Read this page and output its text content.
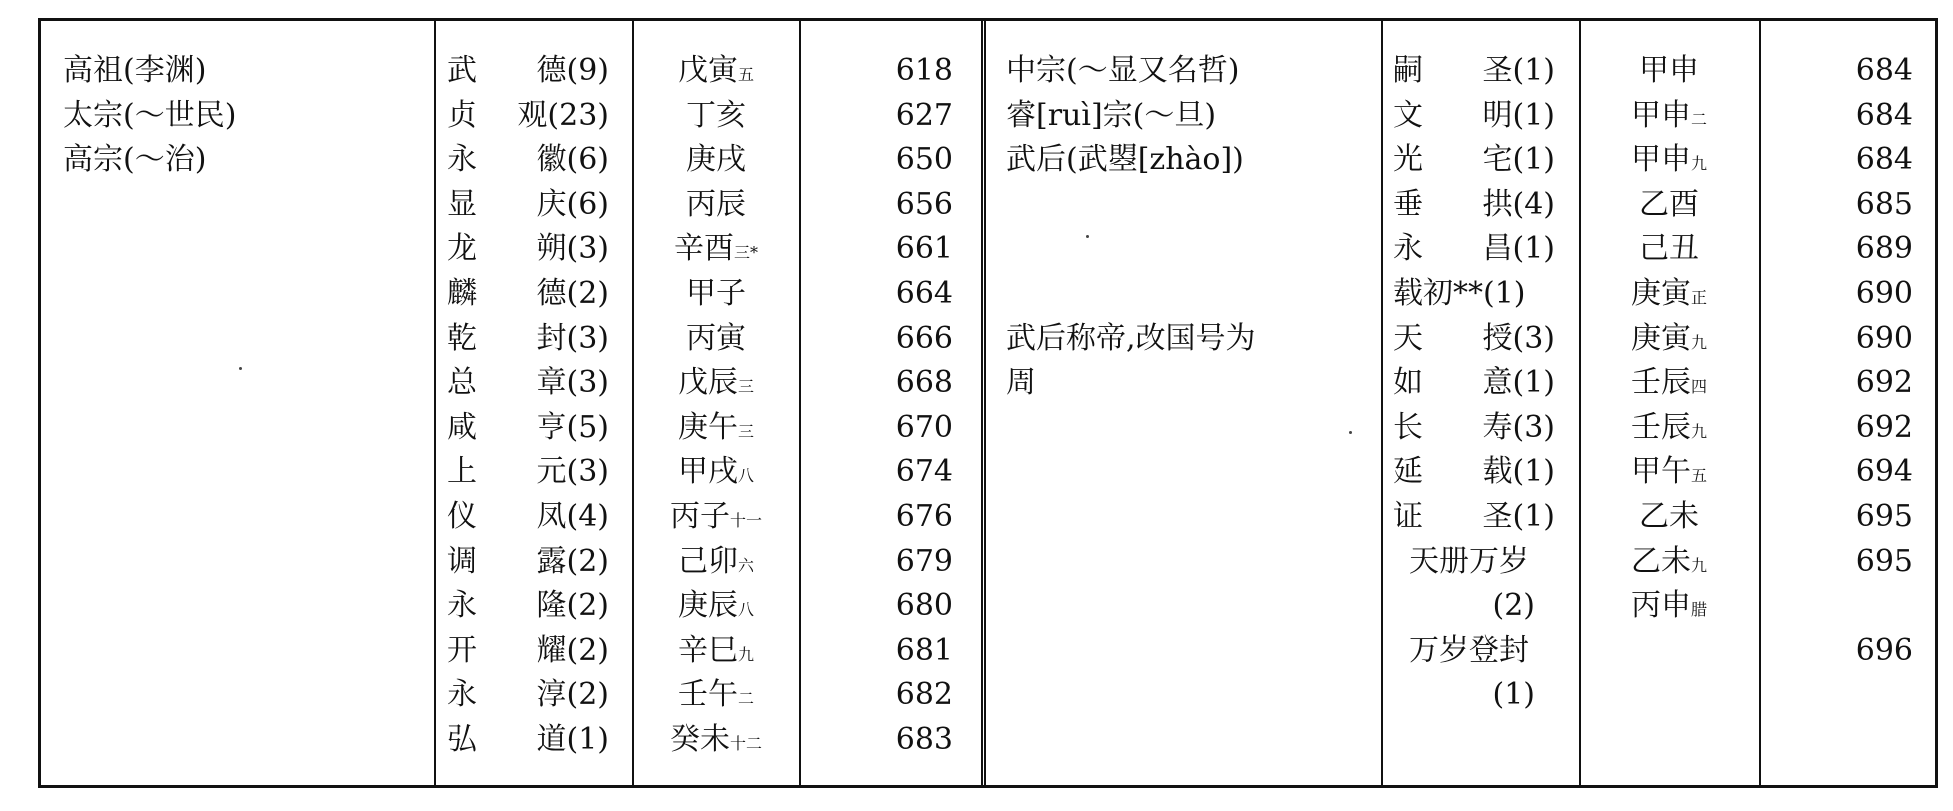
高祖(李渊)
太宗(～世民)
高宗(～治)
武 德(9)
贞 观(23)
永 徽(6)
显 庆(6)
龙 朔(3)
麟 德(2)
乾 封(3)
总 章(3)
咸 亨(5)
上 元(3)
仪 凤(4)
调 露(2)
永 隆(2)
开 耀(2)
永 淳(2)
弘 道(1)
戊寅五
丁亥
庚戌
丙辰
辛酉三*
甲子
丙寅
戊辰三
庚午三
甲戌八
丙子十一
己卯六
庚辰八
辛巳九
壬午二
癸未十二
618
627
650
656
661
664
666
668
670
674
676
679
680
681
682
683
中宗(～显又名哲)
睿[ruì]宗(～旦)
武后(武曌[zhào])
武后称帝,改国号为
周
嗣 圣(1)
文 明(1)
光 宅(1)
垂 拱(4)
永 昌(1)
载初**(1)
天 授(3)
如 意(1)
长 寿(3)
延 载(1)
证 圣(1)
天册万岁
(2)
万岁登封
(1)
甲申
甲申二
甲申九
乙酉
己丑
庚寅正
庚寅九
壬辰四
壬辰九
甲午五
乙未
乙未九
丙申腊
684
684
684
685
689
690
690
692
692
694
695
695
696
